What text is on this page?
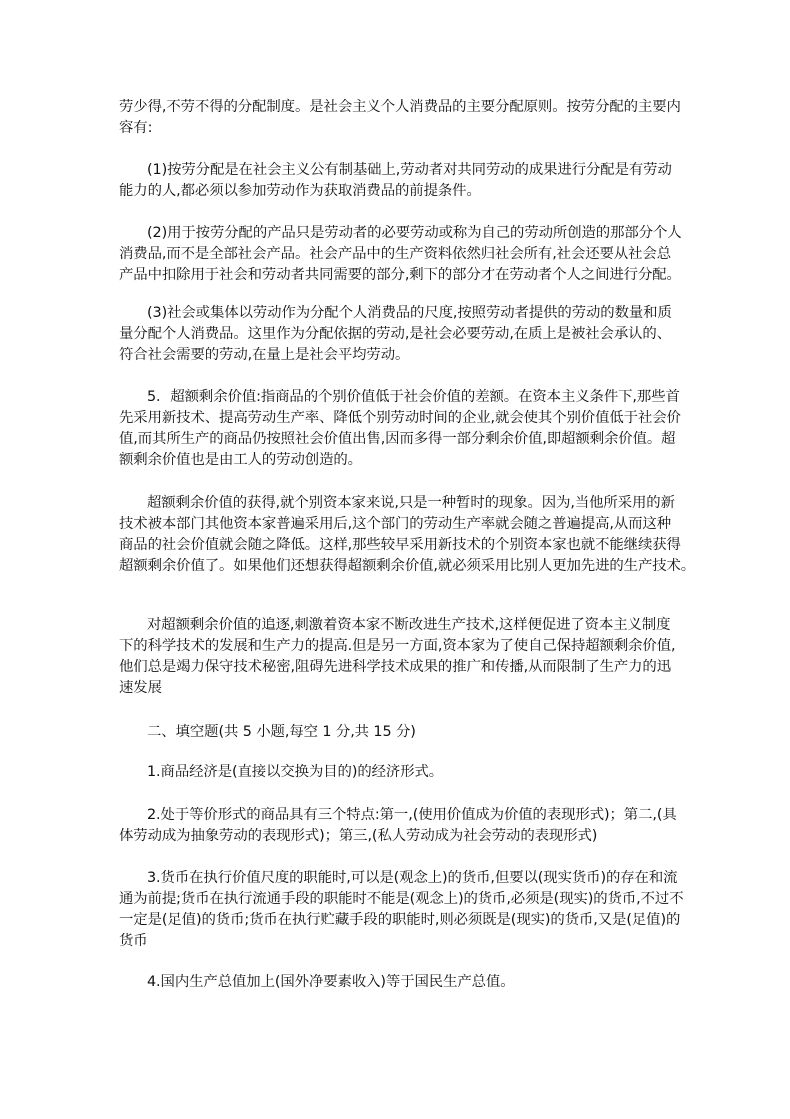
劳少得,不劳不得的分配制度。是社会主义个人消费品的主要分配原则。按劳分配的主要内
容有:
(1)按劳分配是在社会主义公有制基础上,劳动者对共同劳动的成果进行分配是有劳动
能力的人,都必须以参加劳动作为获取消费品的前提条件。
(2)用于按劳分配的产品只是劳动者的必要劳动或称为自己的劳动所创造的那部分个人
消费品,而不是全部社会产品。社会产品中的生产资料依然归社会所有,社会还要从社会总
产品中扣除用于社会和劳动者共同需要的部分,剩下的部分才在劳动者个人之间进行分配。
(3)社会或集体以劳动作为分配个人消费品的尺度,按照劳动者提供的劳动的数量和质
量分配个人消费品。这里作为分配依据的劳动,是社会必要劳动,在质上是被社会承认的、
符合社会需要的劳动,在量上是社会平均劳动。
5．超额剩余价值:指商品的个别价值低于社会价值的差额。在资本主义条件下,那些首
先采用新技术、提高劳动生产率、降低个别劳动时间的企业,就会使其个别价值低于社会价
值,而其所生产的商品仍按照社会价值出售,因而多得一部分剩余价值,即超额剩余价值。超
额剩余价值也是由工人的劳动创造的。
超额剩余价值的获得,就个别资本家来说,只是一种暂时的现象。因为,当他所采用的新
技术被本部门其他资本家普遍采用后,这个部门的劳动生产率就会随之普遍提高,从而这种
商品的社会价值就会随之降低。这样,那些较早采用新技术的个别资本家也就不能继续获得
超额剩余价值了。如果他们还想获得超额剩余价值,就必须采用比别人更加先进的生产技术。
对超额剩余价值的追逐,刺激着资本家不断改进生产技术,这样便促进了资本主义制度
下的科学技术的发展和生产力的提高.但是另一方面,资本家为了使自己保持超额剩余价值,
他们总是竭力保守技术秘密,阻碍先进科学技术成果的推广和传播,从而限制了生产力的迅
速发展
二、填空题(共 5 小题,每空 1 分,共 15 分)
1.商品经济是(直接以交换为目的)的经济形式。
2.处于等价形式的商品具有三个特点:第一,(使用价值成为价值的表现形式)；第二,(具
体劳动成为抽象劳动的表现形式)；第三,(私人劳动成为社会劳动的表现形式)
3.货币在执行价值尺度的职能时,可以是(观念上)的货币,但要以(现实货币)的存在和流
通为前提;货币在执行流通手段的职能时不能是(观念上)的货币,必须是(现实)的货币,不过不
一定是(足值)的货币;货币在执行贮藏手段的职能时,则必须既是(现实)的货币,又是(足值)的
货币
4.国内生产总值加上(国外净要素收入)等于国民生产总值。
